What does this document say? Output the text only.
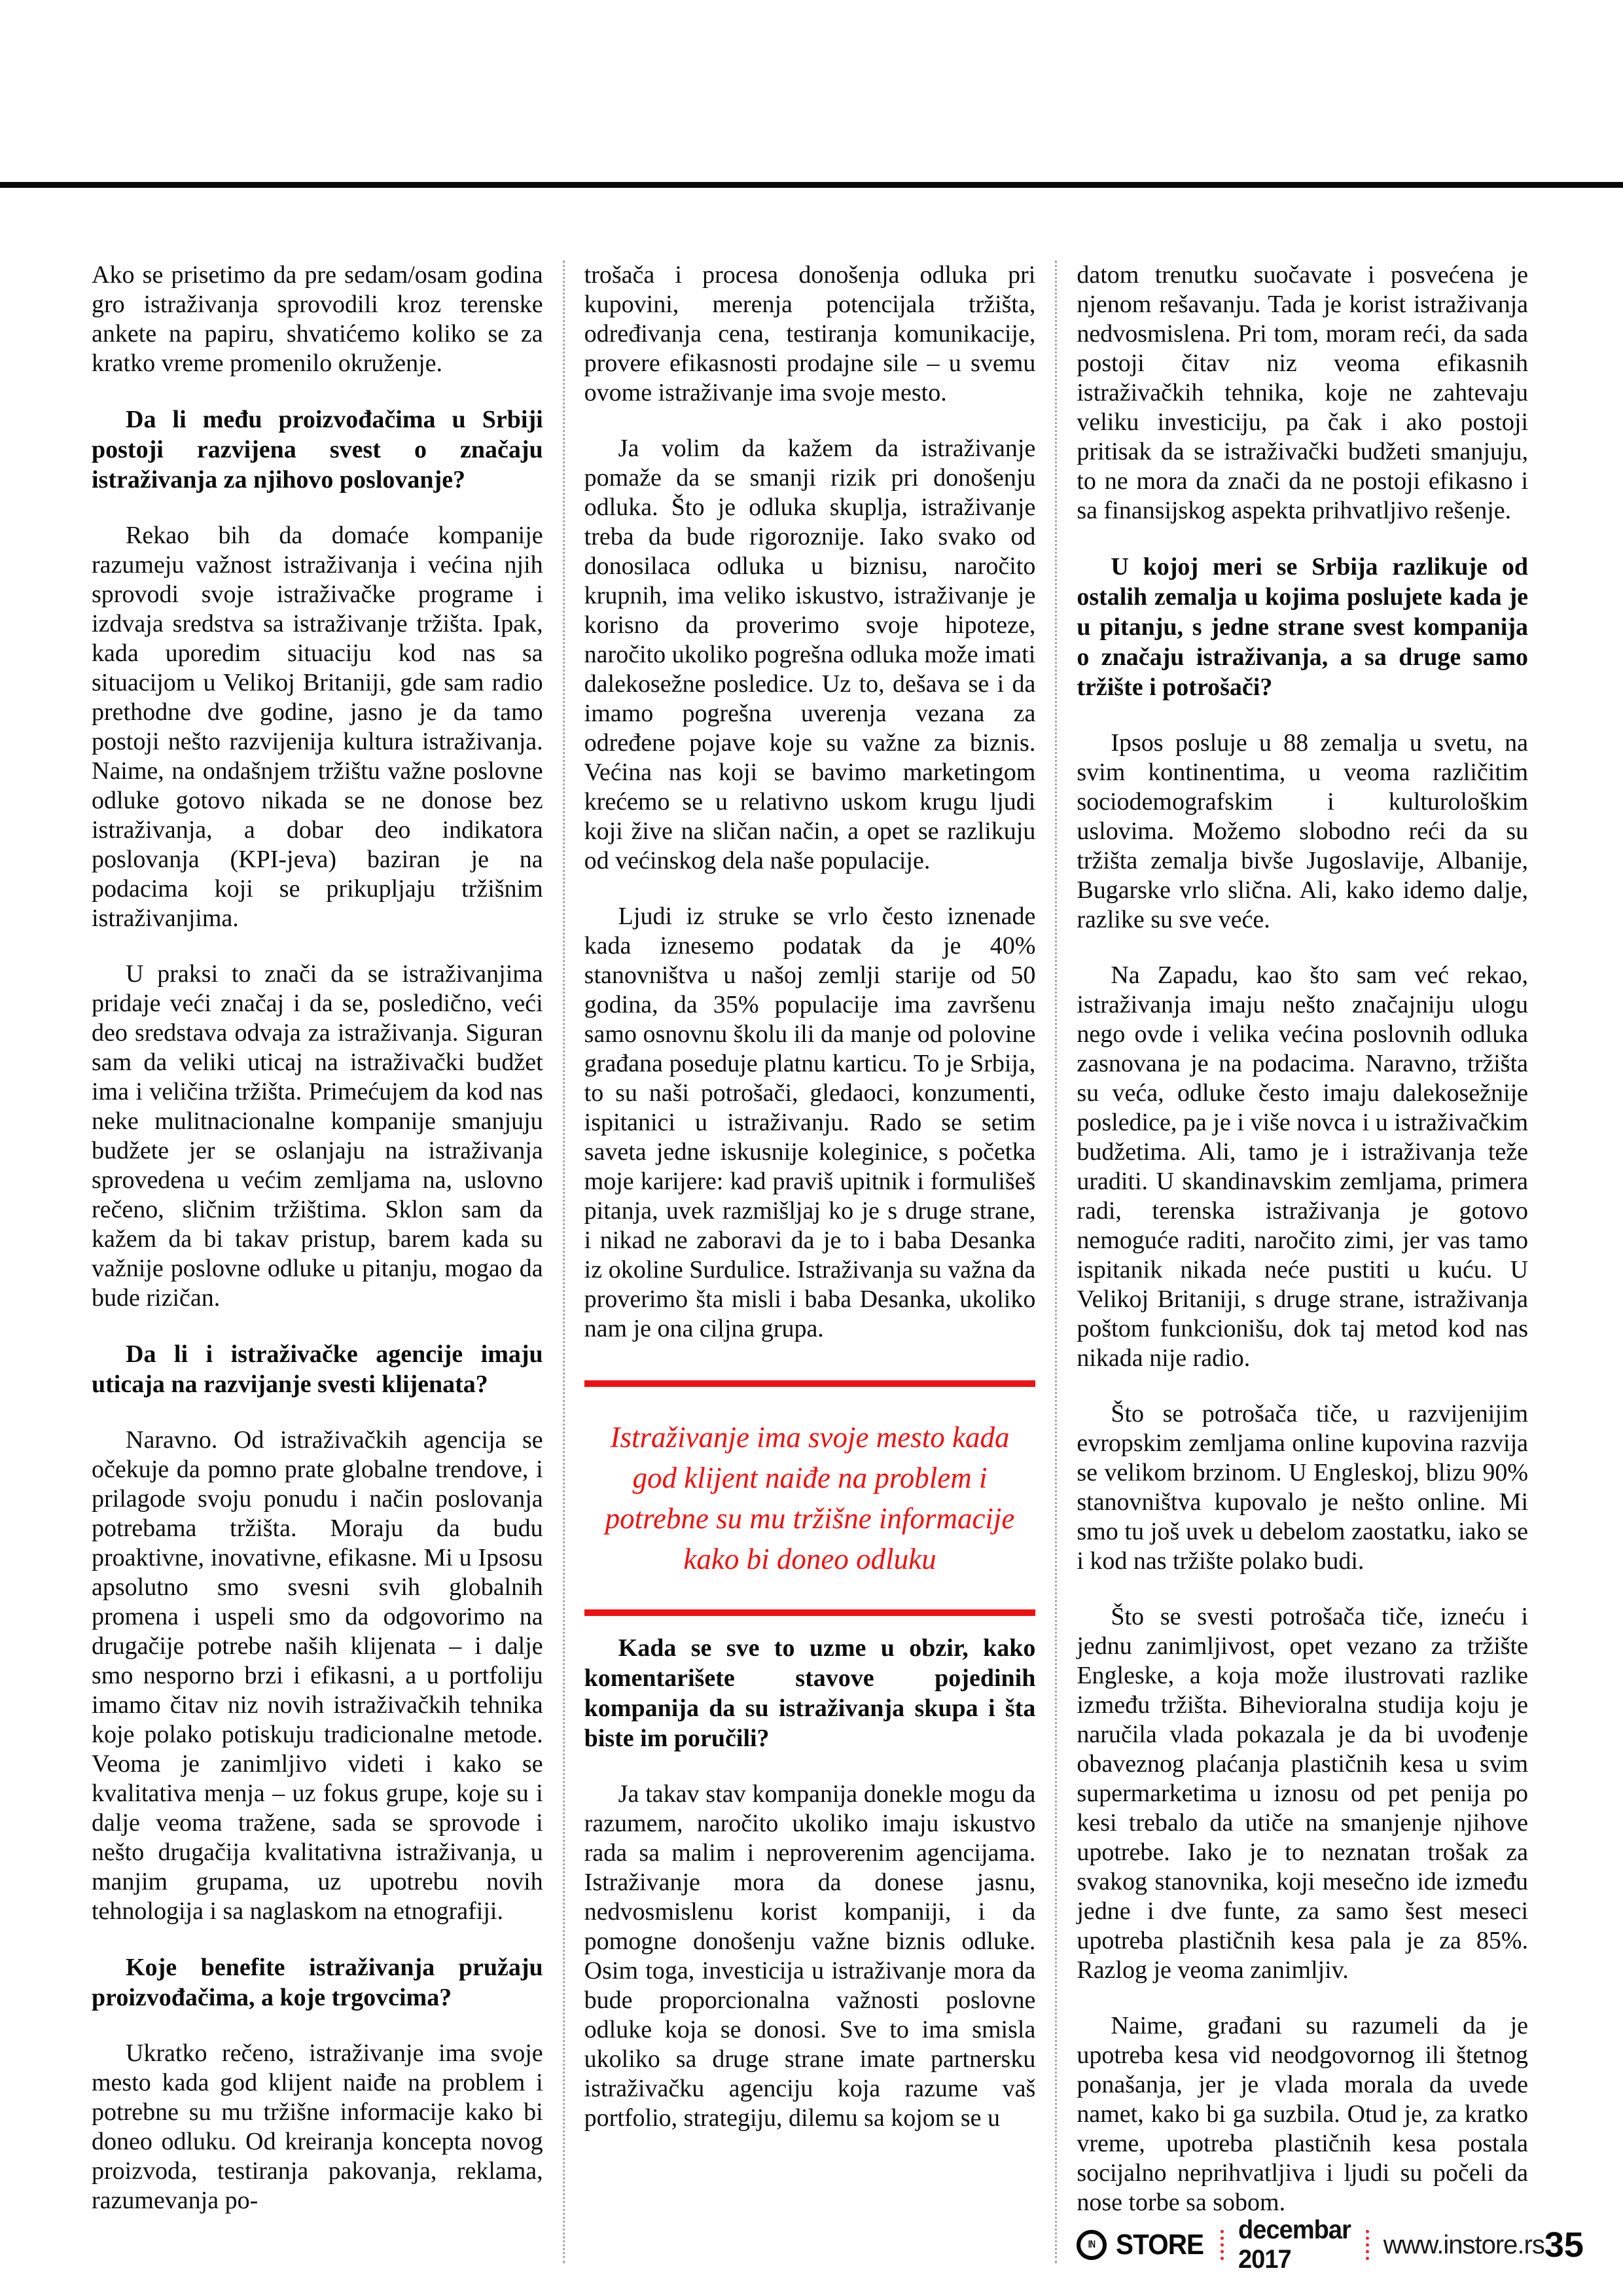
Ako se prisetimo da pre sedam/osam godina gro istraživanja sprovodili kroz terenske ankete na papiru, shvatićemo koliko se za kratko vreme promenilo okruženje.

Da li među proizvođačima u Srbiji postoji razvijena svest o značaju istraživanja za njihovo poslovanje?

Rekao bih da domaće kompanije razumeju važnost istraživanja i većina njih sprovodi svoje istraživačke programe i izdvaja sredstva sa istraživanje tržišta. Ipak, kada uporedim situaciju kod nas sa situacijom u Velikoj Britaniji, gde sam radio prethodne dve godine, jasno je da tamo postoji nešto razvijenija kultura istraživanja. Naime, na ondašnjem tržištu važne poslovne odluke gotovo nikada se ne donose bez istraživanja, a dobar deo indikatora poslovanja (KPI-jeva) baziran je na podacima koji se prikupljaju tržišnim istraživanjima.

U praksi to znači da se istraživanjima pridaje veći značaj i da se, posledično, veći deo sredstava odvaja za istraživanja. Siguran sam da veliki uticaj na istraživački budžet ima i veličina tržišta. Primećujem da kod nas neke mulitnacionalne kompanije smanjuju budžete jer se oslanjaju na istraživanja sprovedena u većim zemljama na, uslovno rečeno, sličnim tržištima. Sklon sam da kažem da bi takav pristup, barem kada su važnije poslovne odluke u pitanju, mogao da bude rizičan.

Da li i istraživačke agencije imaju uticaja na razvijanje svesti klijenata?

Naravno. Od istraživačkih agencija se očekuje da pomno prate globalne trendove, i prilagode svoju ponudu i način poslovanja potrebama tržišta. Moraju da budu proaktivne, inovativne, efikasne. Mi u Ipsosu apsolutno smo svesni svih globalnih promena i uspeli smo da odgovorimo na drugačije potrebe naših klijenata – i dalje smo nesporno brzi i efikasni, a u portfoliju imamo čitav niz novih istraživačkih tehnika koje polako potiskuju tradicionalne metode. Veoma je zanimljivo videti i kako se kvalitativa menja – uz fokus grupe, koje su i dalje veoma tražene, sada se sprovode i nešto drugačija kvalitativna istraživanja, u manjim grupama, uz upotrebu novih tehnologija i sa naglaskom na etnografiji.

Koje benefite istraživanja pružaju proizvođačima, a koje trgovcima?

Ukratko rečeno, istraživanje ima svoje mesto kada god klijent naiđe na problem i potrebne su mu tržišne informacije kako bi doneo odluku. Od kreiranja koncepta novog proizvoda, testiranja pakovanja, reklama, razumevanja po-

trošača i procesa donošenja odluka pri kupovini, merenja potencijala tržišta, određivanja cena, testiranja komunikacije, provere efikasnosti prodajne sile – u svemu ovome istraživanje ima svoje mesto.

Ja volim da kažem da istraživanje pomaže da se smanji rizik pri donošenju odluka. Što je odluka skuplja, istraživanje treba da bude rigoroznije. Iako svako od donosilaca odluka u biznisu, naročito krupnih, ima veliko iskustvo, istraživanje je korisno da proverimo svoje hipoteze, naročito ukoliko pogrešna odluka može imati dalekosežne posledice. Uz to, dešava se i da imamo pogrešna uverenja vezana za određene pojave koje su važne za biznis. Većina nas koji se bavimo marketingom krećemo se u relativno uskom krugu ljudi koji žive na sličan način, a opet se razlikuju od većinskog dela naše populacije.

Ljudi iz struke se vrlo često iznenade kada iznesemo podatak da je 40% stanovništva u našoj zemlji starije od 50 godina, da 35% populacije ima završenu samo osnovnu školu ili da manje od polovine građana poseduje platnu karticu. To je Srbija, to su naši potrošači, gledaoci, konzumenti, ispitanici u istraživanju. Rado se setim saveta jedne iskusnije koleginice, s početka moje karijere: kad praviš upitnik i formulišeš pitanja, uvek razmišljaj ko je s druge strane, i nikad ne zaboravi da je to i baba Desanka iz okoline Surdulice. Istraživanja su važna da proverimo šta misli i baba Desanka, ukoliko nam je ona ciljna grupa.

Istraživanje ima svoje mesto kada god klijent naiđe na problem i potrebne su mu tržišne informacije kako bi doneo odluku

Kada se sve to uzme u obzir, kako komentarišete stavove pojedinih kompanija da su istraživanja skupa i šta biste im poručili?

Ja takav stav kompanija donekle mogu da razumem, naročito ukoliko imaju iskustvo rada sa malim i neproverenim agencijama. Istraživanje mora da donese jasnu, nedvosmislenu korist kompaniji, i da pomogne donošenju važne biznis odluke. Osim toga, investicija u istraživanje mora da bude proporcionalna važnosti poslovne odluke koja se donosi. Sve to ima smisla ukoliko sa druge strane imate partnersku istraživačku agenciju koja razume vaš portfolio, strategiju, dilemu sa kojom se u

datom trenutku suočavate i posvećena je njenom rešavanju. Tada je korist istraživanja nedvosmislena. Pri tom, moram reći, da sada postoji čitav niz veoma efikasnih istraživačkih tehnika, koje ne zahtevaju veliku investiciju, pa čak i ako postoji pritisak da se istraživački budžeti smanjuju, to ne mora da znači da ne postoji efikasno i sa finansijskog aspekta prihvatljivo rešenje.

U kojoj meri se Srbija razlikuje od ostalih zemalja u kojima poslujete kada je u pitanju, s jedne strane svest kompanija o značaju istraživanja, a sa druge samo tržište i potrošači?

Ipsos posluje u 88 zemalja u svetu, na svim kontinentima, u veoma različitim sociodemografskim i kulturološkim uslovima. Možemo slobodno reći da su tržišta zemalja bivše Jugoslavije, Albanije, Bugarske vrlo slična. Ali, kako idemo dalje, razlike su sve veće.

Na Zapadu, kao što sam već rekao, istraživanja imaju nešto značajniju ulogu nego ovde i velika većina poslovnih odluka zasnovana je na podacima. Naravno, tržišta su veća, odluke često imaju dalekosežnije posledice, pa je i više novca i u istraživačkim budžetima. Ali, tamo je i istraživanja teže uraditi. U skandinavskim zemljama, primera radi, terenska istraživanja je gotovo nemoguće raditi, naročito zimi, jer vas tamo ispitanik nikada neće pustiti u kuću. U Velikoj Britaniji, s druge strane, istraživanja poštom funkcionišu, dok taj metod kod nas nikada nije radio.

Što se potrošača tiče, u razvijenijim evropskim zemljama online kupovina razvija se velikom brzinom. U Engleskoj, blizu 90% stanovništva kupovalo je nešto online. Mi smo tu još uvek u debelom zaostatku, iako se i kod nas tržište polako budi.

Što se svesti potrošača tiče, izneću i jednu zanimljivost, opet vezano za tržište Engleske, a koja može ilustrovati razlike između tržišta. Bihevioralna studija koju je naručila vlada pokazala je da bi uvođenje obaveznog plaćanja plastičnih kesa u svim supermarketima u iznosu od pet penija po kesi trebalo da utiče na smanjenje njihove upotrebe. Iako je to neznatan trošak za svakog stanovnika, koji mesečno ide između jedne i dve funte, za samo šest meseci upotreba plastičnih kesa pala je za 85%. Razlog je veoma zanimljiv.

Naime, građani su razumeli da je upotreba kesa vid neodgovornog ili štetnog ponašanja, jer je vlada morala da uvede namet, kako bi ga suzbila. Otud je, za kratko vreme, upotreba plastičnih kesa postala socijalno neprihvatljiva i ljudi su počeli da nose torbe sa sobom.

IN STORE decembar 2017
www.instore.rs 35
